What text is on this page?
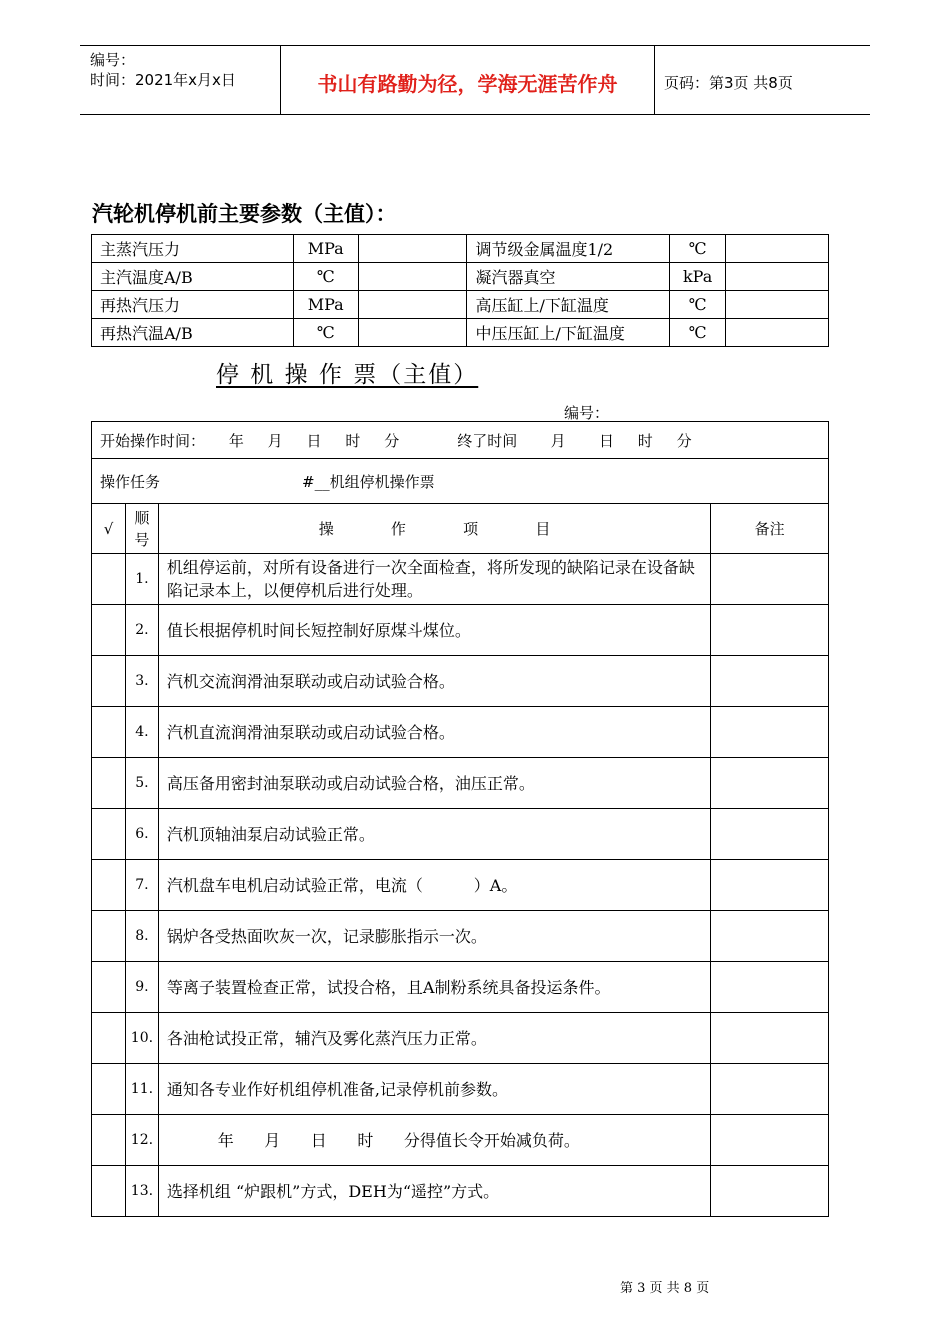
编号：
时间：2021年x月x日	书山有路勤为径，学海无涯苦作舟	页码：第3页 共8页
汽轮机停机前主要参数（主值）：
主蒸汽压力	MPa		调节级金属温度1/2	℃	
主汽温度A/B	℃		凝汽器真空	kPa	
再热汽压力	MPa		高压缸上/下缸温度	℃	
再热汽温A/B	℃		中压压缸上/下缸温度	℃	
停 机 操 作 票（主值）
编号：_________
开始操作时间：     年     月     日     时     分 终了时间       月       日     时     分			
操作任务 #__机组停机操作票			
√	顺号	操            作            项            目	备注
	1.	机组停运前，对所有设备进行一次全面检查，将所发现的缺陷记录在设备缺陷记录本上，以便停机后进行处理。	
	2.	值长根据停机时间长短控制好原煤斗煤位。	
	3.	汽机交流润滑油泵联动或启动试验合格。	
	4.	汽机直流润滑油泵联动或启动试验合格。	
	5.	高压备用密封油泵联动或启动试验合格，油压正常。	
	6.	汽机顶轴油泵启动试验正常。	
	7.	汽机盘车电机启动试验正常，电流（          ）A。	
	8.	锅炉各受热面吹灰一次，记录膨胀指示一次。	
	9.	等离子装置检查正常，试投合格，且A制粉系统具备投运条件。	
	10.	各油枪试投正常，辅汽及雾化蒸汽压力正常。	
	11.	通知各专业作好机组停机准备,记录停机前参数。	
	12.	年      月      日      时      分得值长令开始减负荷。	
	13.	选择机组 “炉跟机”方式，DEH为“遥控”方式。	
第 3 页 共 8 页
